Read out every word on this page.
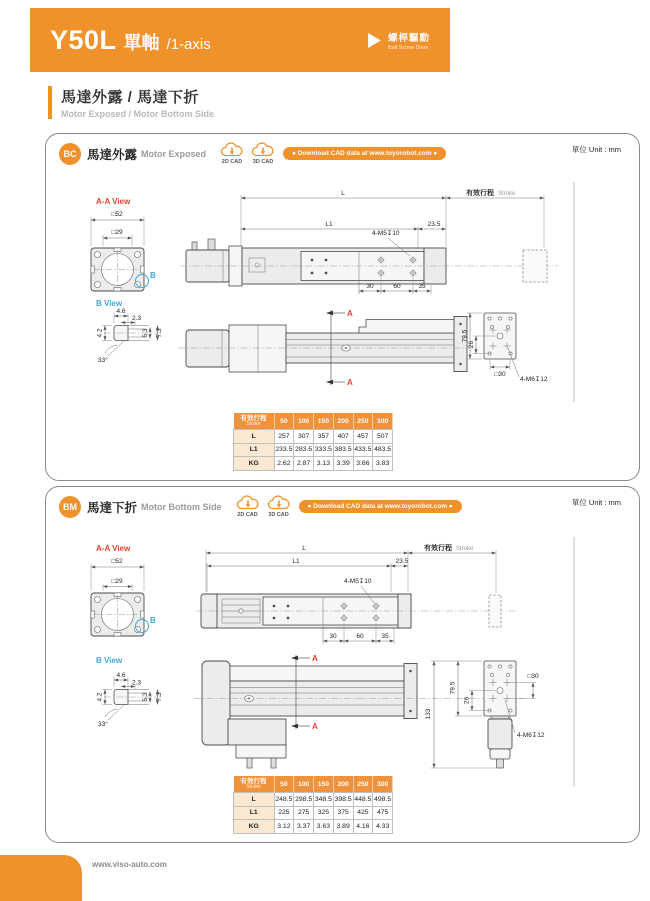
Y50L 單軸 /1-axis	螺桿驅動
Ball Screw Drive
馬達外露 / 馬達下折
Motor Exposed / Motor Bottom Side
BC 馬達外露 Motor Exposed
2D CAD 3D CAD
● Download CAD data at www.toyorobot.com ●	單位 Unit : mm
A-A View
□52
□29
B
L	有效行程 Stroke
L1	23.5
4-M5↧10
30	60	35
B View
33°
4.6
2.3
4.2	5.3 7.3
A
A
79.5
26
□30
4-M6↧12
有效行程
Stroke	50	100	150	200	250	300
L	257	307	357	407	457	507
L1	233.5	283.5	333.5	383.5	433.5	483.5
KG	2.62	2.87	3.13	3.39	3.66	3.83
BM 馬達下折 Motor Bottom Side
2D CAD 3D CAD
● Download CAD data at www.toyorobot.com ●	單位 Unit : mm
A-A View
□52
□29
B
L	有效行程 Stroke
L1	23.5
4-M5↧10
30	60	35
B View
33°
4.6
2.3
4.2	5.3 7.3
A
A
133
79.5
26
□30
4-M6↧12
有效行程
Stroke	50	100	150	200	250	300
L	248.5	298.5	348.5	398.5	448.5	498.5
L1	225	275	325	375	425	475
KG	3.12	3.37	3.63	3.89	4.16	4.33
www.viso-auto.com
